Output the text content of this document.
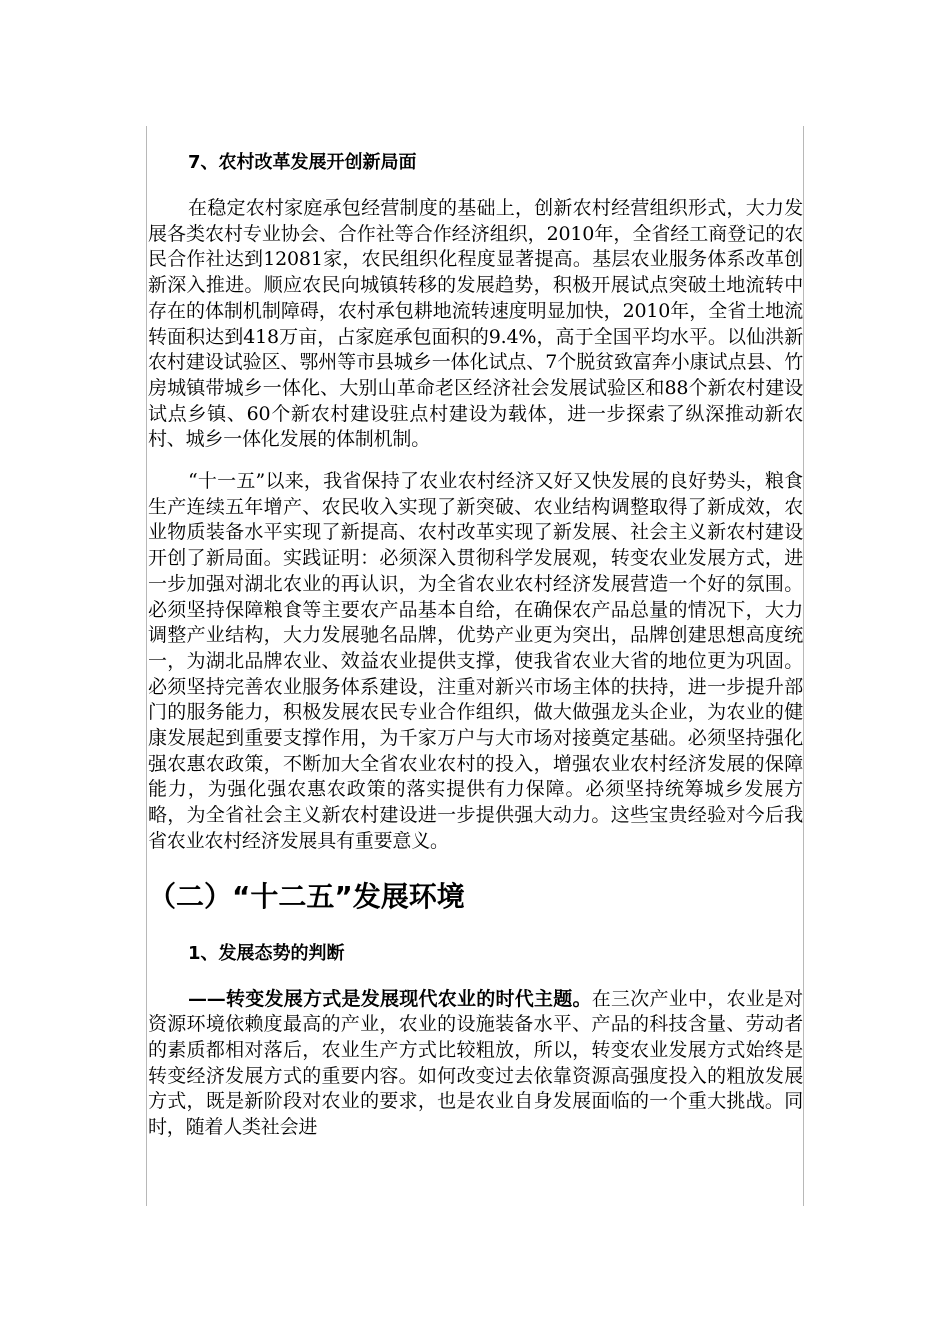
7、农村改革发展开创新局面

在稳定农村家庭承包经营制度的基础上，创新农村经营组织形式，大力发展各类农村专业协会、合作社等合作经济组织，2010年，全省经工商登记的农民合作社达到12081家，农民组织化程度显著提高。基层农业服务体系改革创新深入推进。顺应农民向城镇转移的发展趋势，积极开展试点突破土地流转中存在的体制机制障碍，农村承包耕地流转速度明显加快，2010年，全省土地流转面积达到418万亩，占家庭承包面积的9.4%，高于全国平均水平。以仙洪新农村建设试验区、鄂州等市县城乡一体化试点、7个脱贫致富奔小康试点县、竹房城镇带城乡一体化、大别山革命老区经济社会发展试验区和88个新农村建设试点乡镇、60个新农村建设驻点村建设为载体，进一步探索了纵深推动新农村、城乡一体化发展的体制机制。

“十一五”以来，我省保持了农业农村经济又好又快发展的良好势头，粮食生产连续五年增产、农民收入实现了新突破、农业结构调整取得了新成效，农业物质装备水平实现了新提高、农村改革实现了新发展、社会主义新农村建设开创了新局面。实践证明：必须深入贯彻科学发展观，转变农业发展方式，进一步加强对湖北农业的再认识，为全省农业农村经济发展营造一个好的氛围。必须坚持保障粮食等主要农产品基本自给，在确保农产品总量的情况下，大力调整产业结构，大力发展驰名品牌，优势产业更为突出，品牌创建思想高度统一，为湖北品牌农业、效益农业提供支撑，使我省农业大省的地位更为巩固。必须坚持完善农业服务体系建设，注重对新兴市场主体的扶持，进一步提升部门的服务能力，积极发展农民专业合作组织，做大做强龙头企业，为农业的健康发展起到重要支撑作用，为千家万户与大市场对接奠定基础。必须坚持强化强农惠农政策，不断加大全省农业农村的投入，增强农业农村经济发展的保障能力，为强化强农惠农政策的落实提供有力保障。必须坚持统筹城乡发展方略，为全省社会主义新农村建设进一步提供强大动力。这些宝贵经验对今后我省农业农村经济发展具有重要意义。

（二）“十二五”发展环境
1、发展态势的判断

——转变发展方式是发展现代农业的时代主题。在三次产业中，农业是对资源环境依赖度最高的产业，农业的设施装备水平、产品的科技含量、劳动者的素质都相对落后，农业生产方式比较粗放，所以，转变农业发展方式始终是转变经济发展方式的重要内容。如何改变过去依靠资源高强度投入的粗放发展方式，既是新阶段对农业的要求，也是农业自身发展面临的一个重大挑战。同时，随着人类社会进
